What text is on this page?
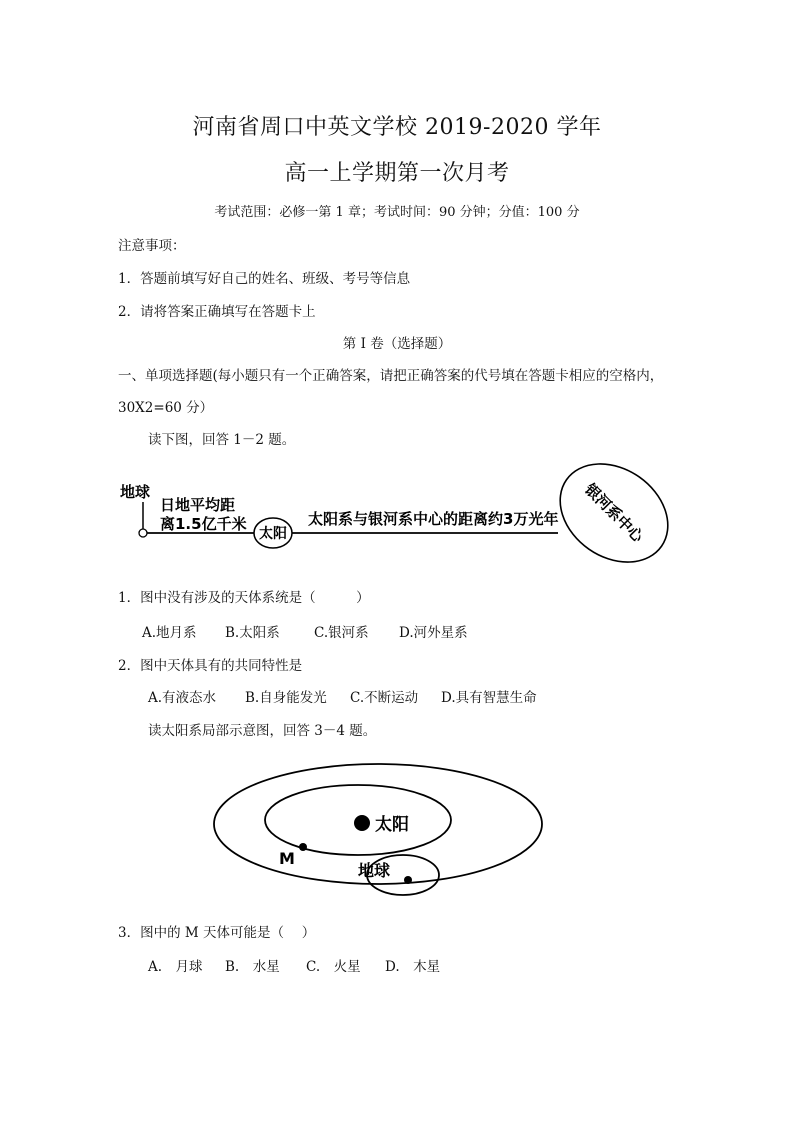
河南省周口中英文学校 2019-2020 学年
高一上学期第一次月考
考试范围：必修一第 1 章；考试时间：90 分钟；分值：100 分
注意事项：
1．答题前填写好自己的姓名、班级、考号等信息
2．请将答案正确填写在答题卡上
第 I 卷（选择题）
一、单项选择题(每小题只有一个正确答案，请把正确答案的代号填在答题卡相应的空格内，
30X2=60 分）
读下图，回答 1－2 题。
地球
日地平均距
离1.5亿千米
太阳
太阳系与银河系中心的距离约3万光年 银河系中心
1．图中没有涉及的天体系统是（　　　）
A.地月系 B.太阳系	C.银河系 D.河外星系
2．图中天体具有的共同特性是
A.有液态水 B.自身能发光 C.不断运动 D.具有智慧生命
读太阳系局部示意图，回答 3－4 题。
太阳
M
地球
3．图中的 M 天体可能是（　 ）
A.　月球 B.　水星 C.　火星 D.　木星
